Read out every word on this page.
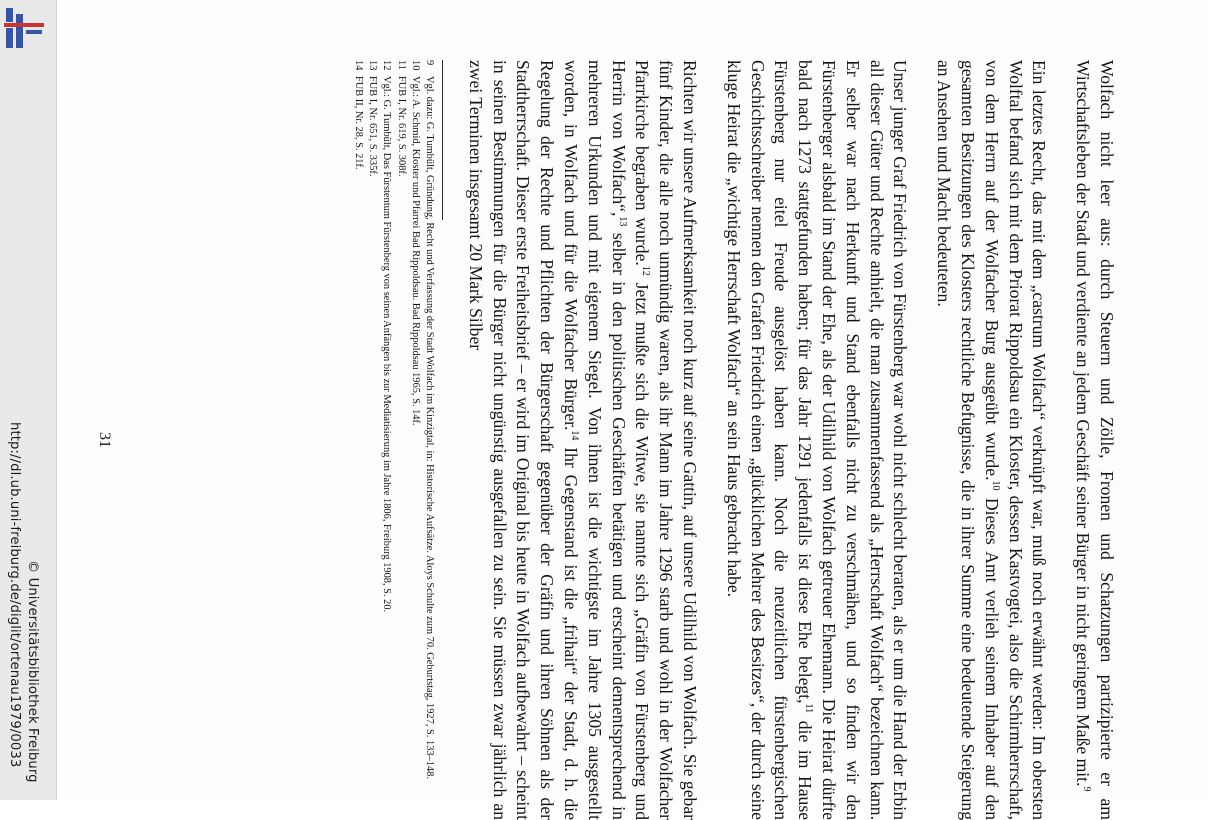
Wolfach nicht leer aus: durch Steuern und Zölle, Fronen und Schatzungen partizipierte er am Wirtschaftsleben der Stadt und verdiente an jedem Geschäft seiner Bürger in nicht geringem Maße mit.$^9$

Ein letztes Recht, das mit dem „castrum Wolfach“ verknüpft war, muß noch erwähnt werden: Im obersten Wolftal befand sich mit dem Priorat Rippoldsau ein Kloster, dessen Kastvogtei, also die Schirmherrschaft, von dem Herrn auf der Wolfacher Burg ausgeübt wurde.$^{10}$ Dieses Amt verlieh seinem Inhaber auf den gesamten Besitzungen des Klosters rechtliche Befugnisse, die in ihrer Summe eine bedeutende Steigerung an Ansehen und Macht bedeuteten.

Unser junger Graf Friedrich von Fürstenberg war wohl nicht schlecht beraten, als er um die Hand der Erbin all dieser Güter und Rechte anhielt, die man zusammenfassend als „Herrschaft Wolfach“ bezeichnen kann. Er selber war nach Herkunft und Stand ebenfalls nicht zu verschmähen, und so finden wir den Fürstenberger alsbald im Stand der Ehe, als der Udilhild von Wolfach getreuer Ehemann. Die Heirat dürfte bald nach 1273 stattgefunden haben; für das Jahr 1291 jedenfalls ist diese Ehe belegt,$^{11}$ die im Hause Fürstenberg nur eitel Freude ausgelöst haben kann. Noch die neuzeitlichen fürstenbergischen Geschichtsschreiber nennen den Grafen Friedrich einen „glücklichen Mehrer des Besitzes“, der durch seine kluge Heirat die „wichtige Herrschaft Wolfach“ an sein Haus gebracht habe.

Richten wir unsere Aufmerksamkeit noch kurz auf seine Gattin, auf unsere Udilhild von Wolfach. Sie gebar fünf Kinder, die alle noch unmündig waren, als ihr Mann im Jahre 1296 starb und wohl in der Wolfacher Pfarrkirche begraben wurde.$^{12}$ Jetzt mußte sich die Witwe, sie nannte sich „Gräfin von Fürstenberg und Herrin von Wolfach“,$^{13}$ selber in den politischen Geschäften betätigen und erscheint dementsprechend in mehreren Urkunden und mit eigenem Siegel. Von ihnen ist die wichtigste im Jahre 1305 ausgestellt worden, in Wolfach und für die Wolfacher Bürger.$^{14}$ Ihr Gegenstand ist die „frihait“ der Stadt, d. h. die Regelung der Rechte und Pflichten der Bürgerschaft gegenüber der Gräfin und ihren Söhnen als der Stadtherrschaft. Dieser erste Freiheitsbrief – er wird im Original bis heute in Wolfach aufbewahrt – scheint in seinen Bestimmungen für die Bürger nicht ungünstig ausgefallen zu sein. Sie müssen zwar jährlich an zwei Terminen insgesamt 20 Mark Silber

9
Vgl. dazu: G. Tumbült, Gründung, Recht und Verfassung der Stadt Wolfach im Kinzigtal, in: Historische Aufsätze. Aloys Schulte zum 70. Geburtstag, 1927, S. 133–148.
10
Vgl.: A. Schmid, Kloster und Pfarrei Bad Rippoldsau. Bad Rippoldsau 1965, S. 14f.
11
FUB I, Nr. 619, S. 308f.
12
Vgl.: G. Tumbült, Das Fürstentum Fürstenberg von seinen Anfängen bis zur Mediatisierung im Jahre 1806, Freiburg 1908, S. 20.
13
FUB I, Nr. 651, S. 335f.
14
FUB II, Nr. 28, S. 21f.
31
http://dl.ub.uni-freiburg.de/diglit/ortenau1979/0033 © Universitätsbibliothek Freiburg
